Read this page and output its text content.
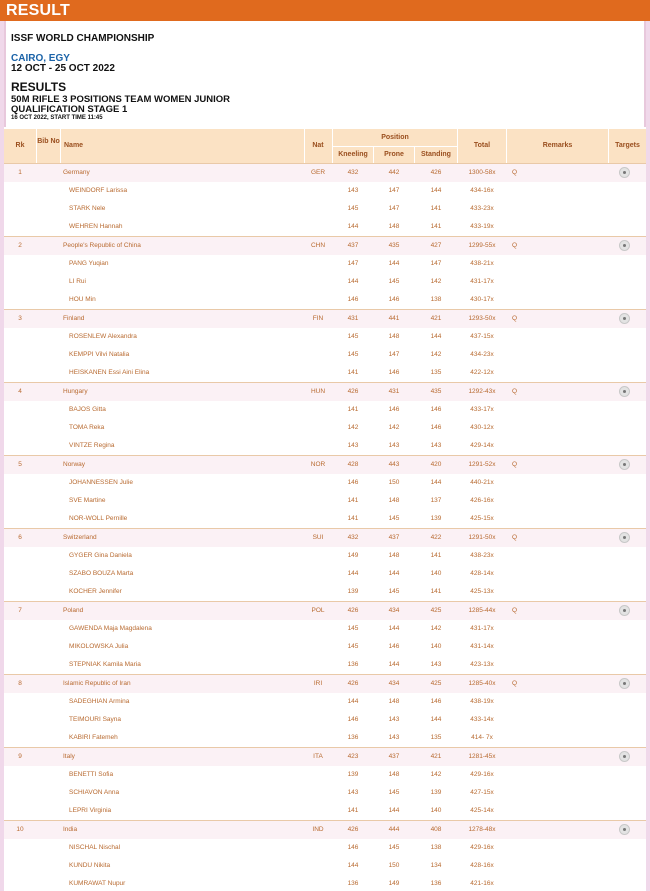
RESULT
ISSF WORLD CHAMPIONSHIP
CAIRO, EGY
12 OCT - 25 OCT 2022
RESULTS
50M RIFLE 3 POSITIONS TEAM WOMEN JUNIOR
QUALIFICATION STAGE 1
16 OCT 2022, START TIME 11:45
Rk
Bib No
Name	Nat
Position
Kneeling	Prone	Standing
Total	Remarks	Targets
1	Germany	GER	432	442	426	1300-58x	Q
WEINDORF Larissa	143	147	144	434-16x
STARK Nele	145	147	141	433-23x
WEHREN Hannah	144	148	141	433-19x
2	People's Republic of China	CHN	437	435	427	1299-55x	Q
PANG Yuqian	147	144	147	438-21x
LI Rui	144	145	142	431-17x
HOU Min	146	146	138	430-17x
3	Finland	FIN	431	441	421	1293-50x	Q
ROSENLEW Alexandra	145	148	144	437-15x
KEMPPI Vilvi Natalia	145	147	142	434-23x
HEISKANEN Essi Aini Elina	141	146	135	422-12x
4	Hungary	HUN	426	431	435	1292-43x	Q
BAJOS Gitta	141	146	146	433-17x
TOMA Reka	142	142	146	430-12x
VINTZE Regina	143	143	143	429-14x
5	Norway	NOR	428	443	420	1291-52x	Q
JOHANNESSEN Julie	146	150	144	440-21x
SVE Martine	141	148	137	426-16x
NOR-WOLL Pernille	141	145	139	425-15x
6	Switzerland	SUI	432	437	422	1291-50x	Q
GYGER Gina Daniela	149	148	141	438-23x
SZABO BOUZA Marta	144	144	140	428-14x
KOCHER Jennifer	139	145	141	425-13x
7	Poland	POL	426	434	425	1285-44x	Q
GAWENDA Maja Magdalena	145	144	142	431-17x
MIKOLOWSKA Julia	145	146	140	431-14x
STEPNIAK Kamila Maria	136	144	143	423-13x
8	Islamic Republic of Iran	IRI	426	434	425	1285-40x	Q
SADEGHIAN Armina	144	148	146	438-19x
TEIMOURI Sayna	146	143	144	433-14x
KABIRI Fatemeh	136	143	135	414- 7x
9	Italy	ITA	423	437	421	1281-45x
BENETTI Sofia	139	148	142	429-16x
SCHIAVON Anna	143	145	139	427-15x
LEPRI Virginia	141	144	140	425-14x
10	India	IND	426	444	408	1278-48x
NISCHAL Nischal	146	145	138	429-16x
KUNDU Nikita	144	150	134	428-16x
KUMRAWAT Nupur	136	149	136	421-16x
